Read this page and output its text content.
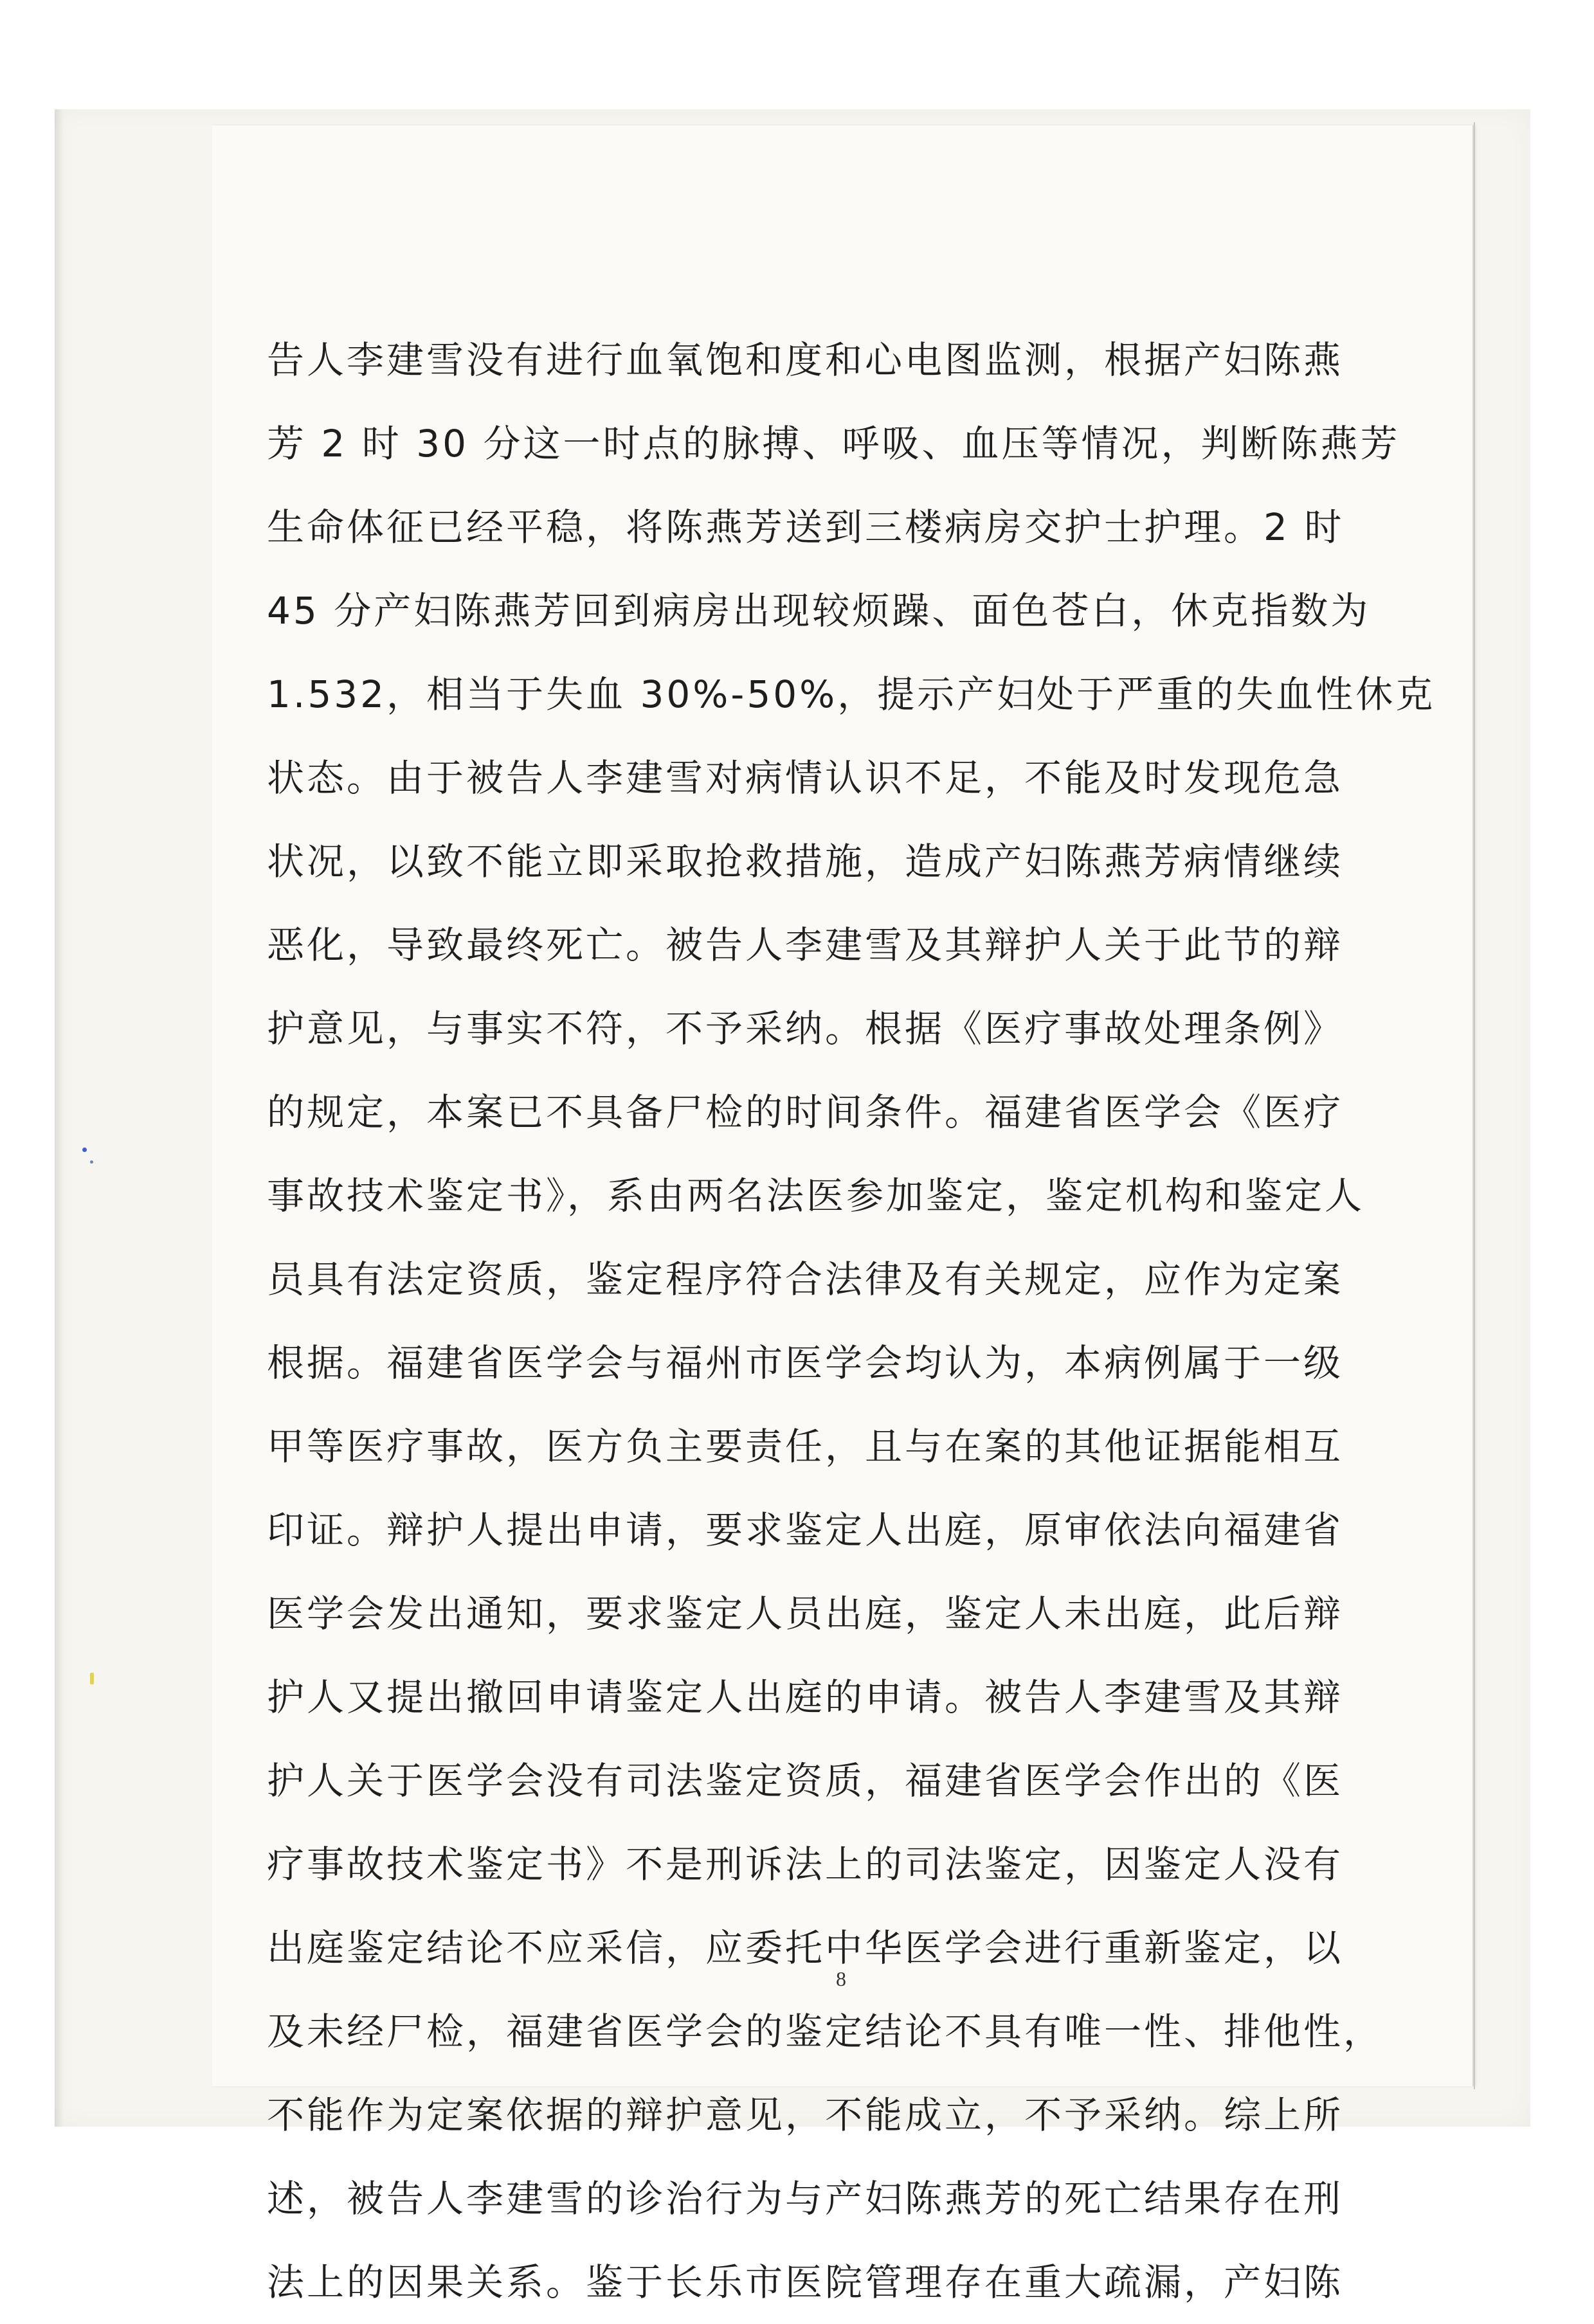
告人李建雪没有进行血氧饱和度和心电图监测，根据产妇陈燕
芳 2 时 30 分这一时点的脉搏、呼吸、血压等情况，判断陈燕芳
生命体征已经平稳，将陈燕芳送到三楼病房交护士护理。2 时
45 分产妇陈燕芳回到病房出现较烦躁、面色苍白，休克指数为
1.532，相当于失血 30%-50%，提示产妇处于严重的失血性休克
状态。由于被告人李建雪对病情认识不足，不能及时发现危急
状况，以致不能立即采取抢救措施，造成产妇陈燕芳病情继续
恶化，导致最终死亡。被告人李建雪及其辩护人关于此节的辩
护意见，与事实不符，不予采纳。根据《医疗事故处理条例》
的规定，本案已不具备尸检的时间条件。福建省医学会《医疗
事故技术鉴定书》，系由两名法医参加鉴定，鉴定机构和鉴定人
员具有法定资质，鉴定程序符合法律及有关规定，应作为定案
根据。福建省医学会与福州市医学会均认为，本病例属于一级
甲等医疗事故，医方负主要责任，且与在案的其他证据能相互
印证。辩护人提出申请，要求鉴定人出庭，原审依法向福建省
医学会发出通知，要求鉴定人员出庭，鉴定人未出庭，此后辩
护人又提出撤回申请鉴定人出庭的申请。被告人李建雪及其辩
护人关于医学会没有司法鉴定资质，福建省医学会作出的《医
疗事故技术鉴定书》不是刑诉法上的司法鉴定，因鉴定人没有
出庭鉴定结论不应采信，应委托中华医学会进行重新鉴定，以
及未经尸检，福建省医学会的鉴定结论不具有唯一性、排他性，
不能作为定案依据的辩护意见，不能成立，不予采纳。综上所
述，被告人李建雪的诊治行为与产妇陈燕芳的死亡结果存在刑
法上的因果关系。鉴于长乐市医院管理存在重大疏漏，产妇陈
8
